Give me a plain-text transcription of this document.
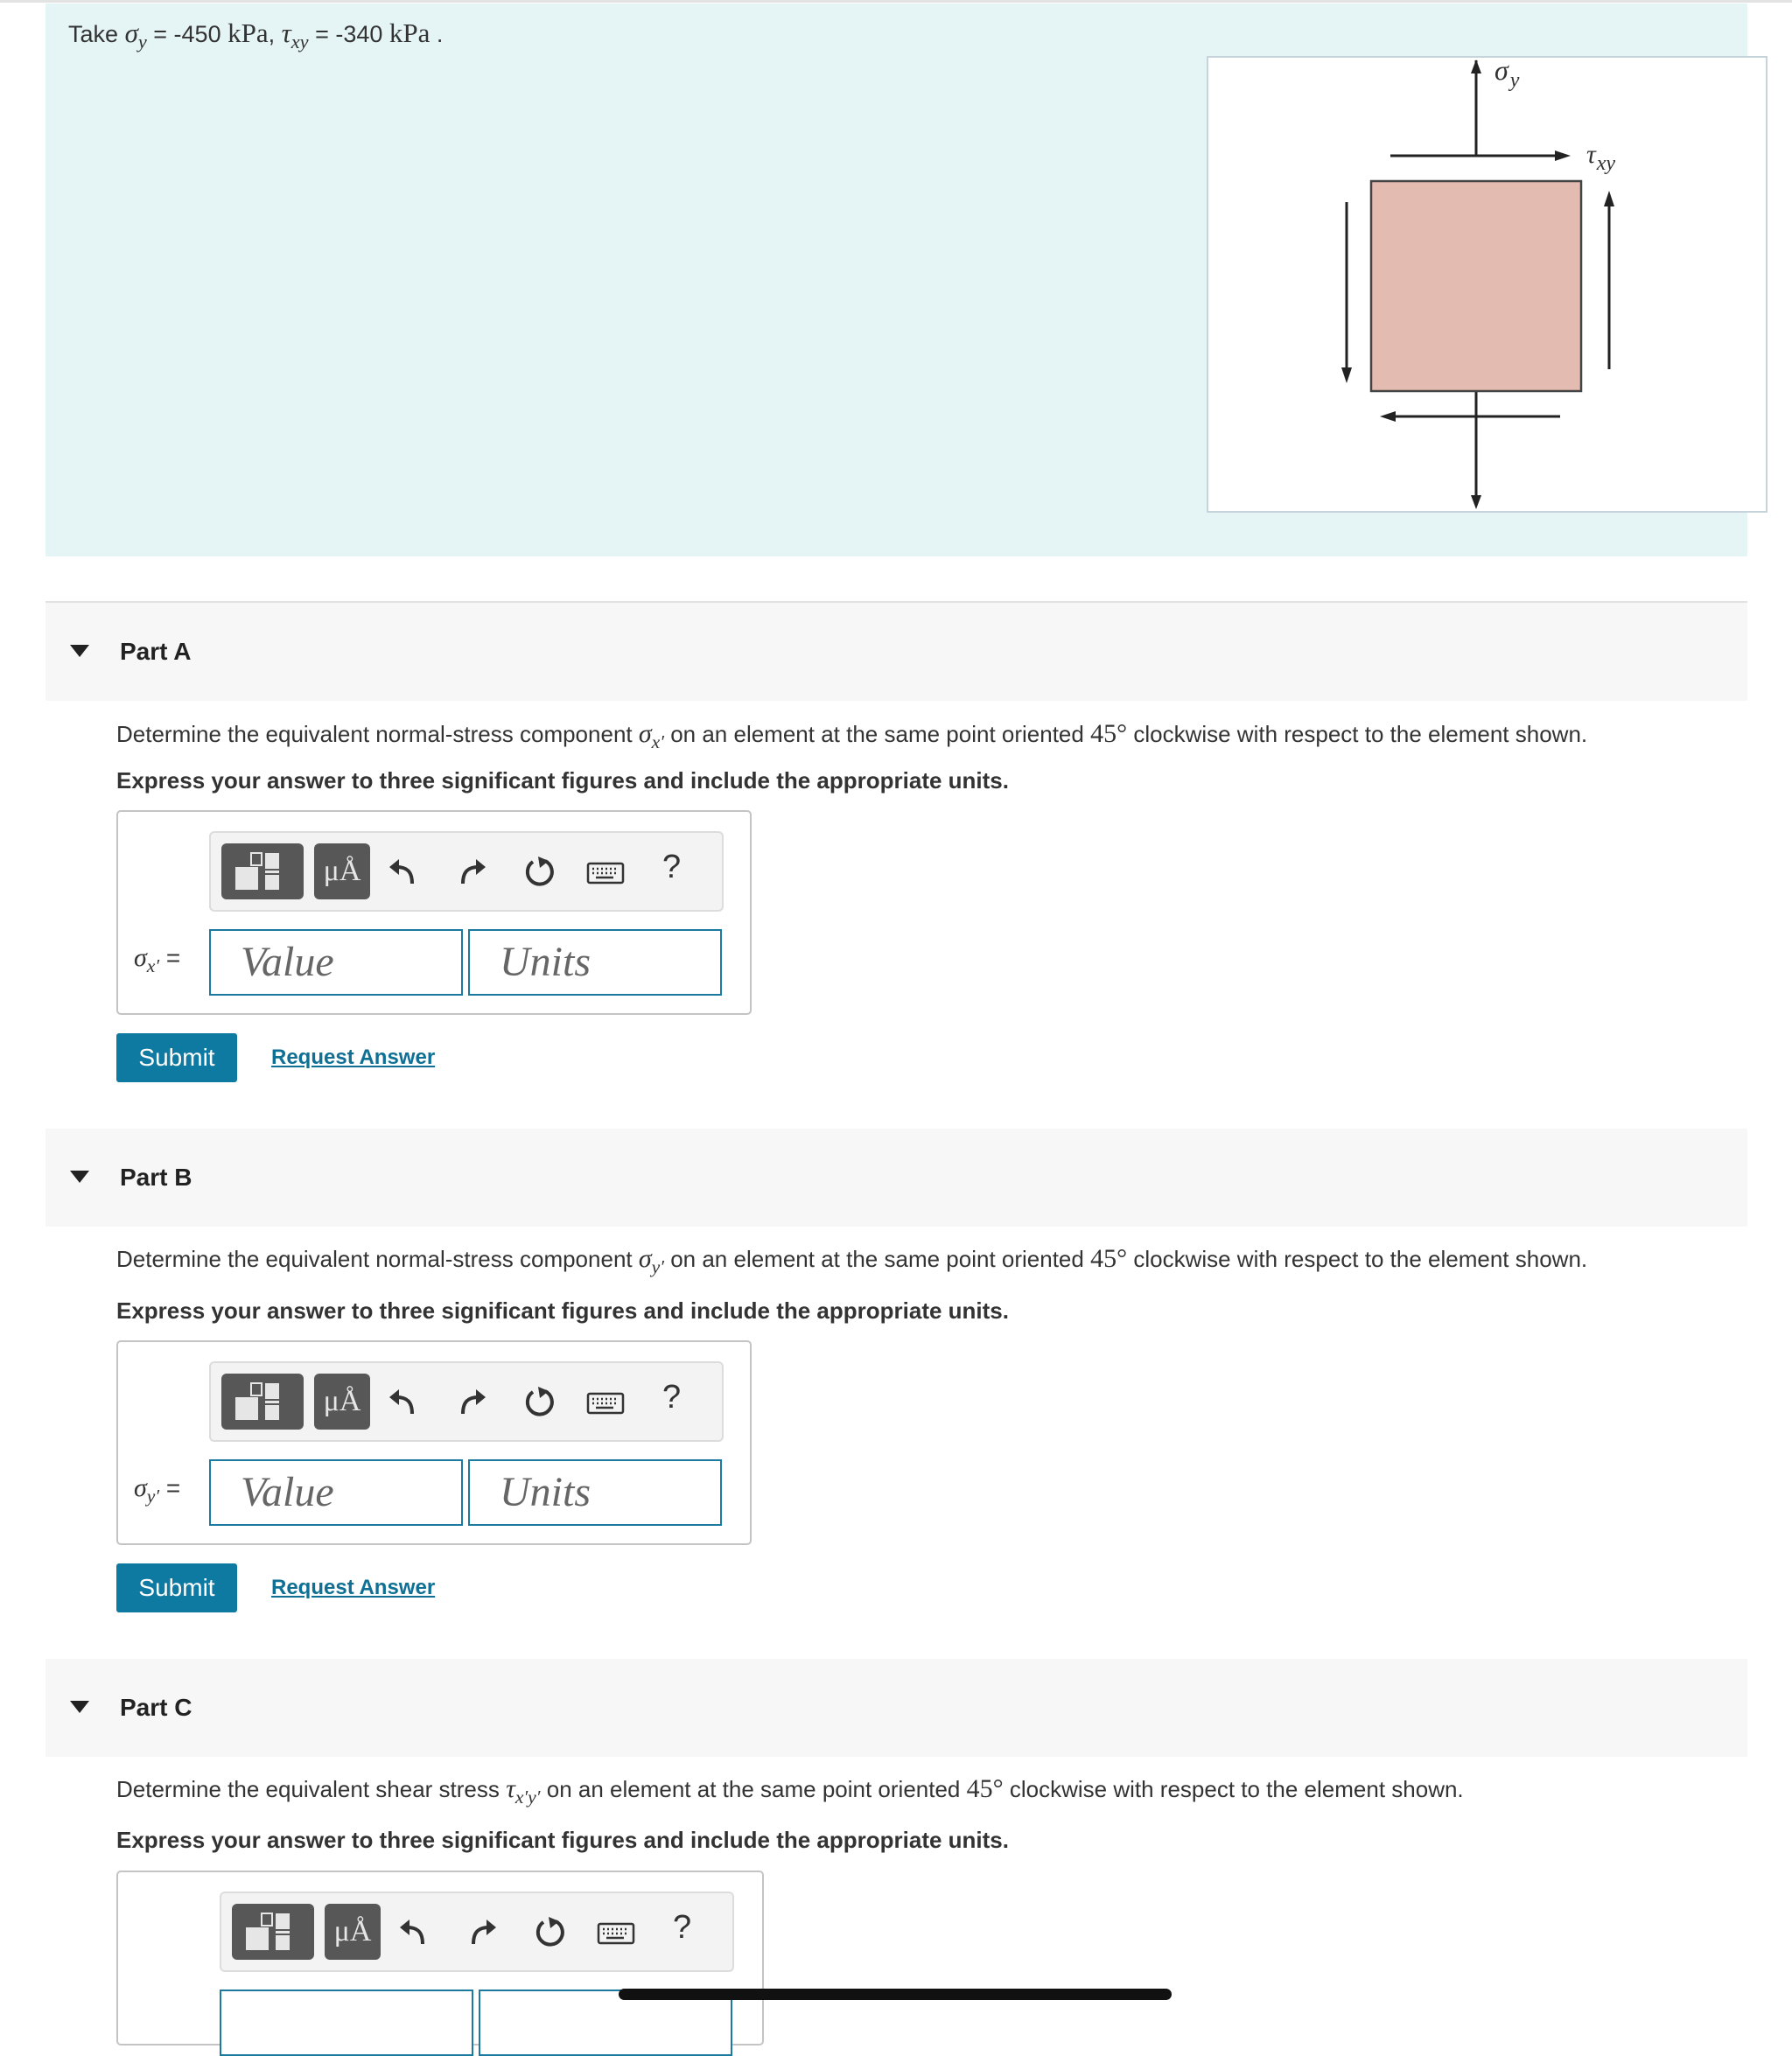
Take $\sigma_y = -450$ kPa, $\tau_{xy} = -340$ kPa .
$\sigma_y$
$\tau_{xy}$
Part A
Determine the equivalent normal-stress component $\sigma_{x'}$ on an element at the same point oriented 45° clockwise with respect to the element shown.
Express your answer to three significant figures and include the appropriate units.
μÅ	?
$\sigma_{x'}$ = Value	Units
Submit	Request Answer
Part B
Determine the equivalent normal-stress component $\sigma_{y'}$ on an element at the same point oriented 45° clockwise with respect to the element shown.
Express your answer to three significant figures and include the appropriate units.
μÅ	?
$\sigma_{y'}$ = Value	Units
Submit	Request Answer
Part C
Determine the equivalent shear stress $\tau_{x'y'}$ on an element at the same point oriented 45° clockwise with respect to the element shown.
Express your answer to three significant figures and include the appropriate units.
μÅ	?
